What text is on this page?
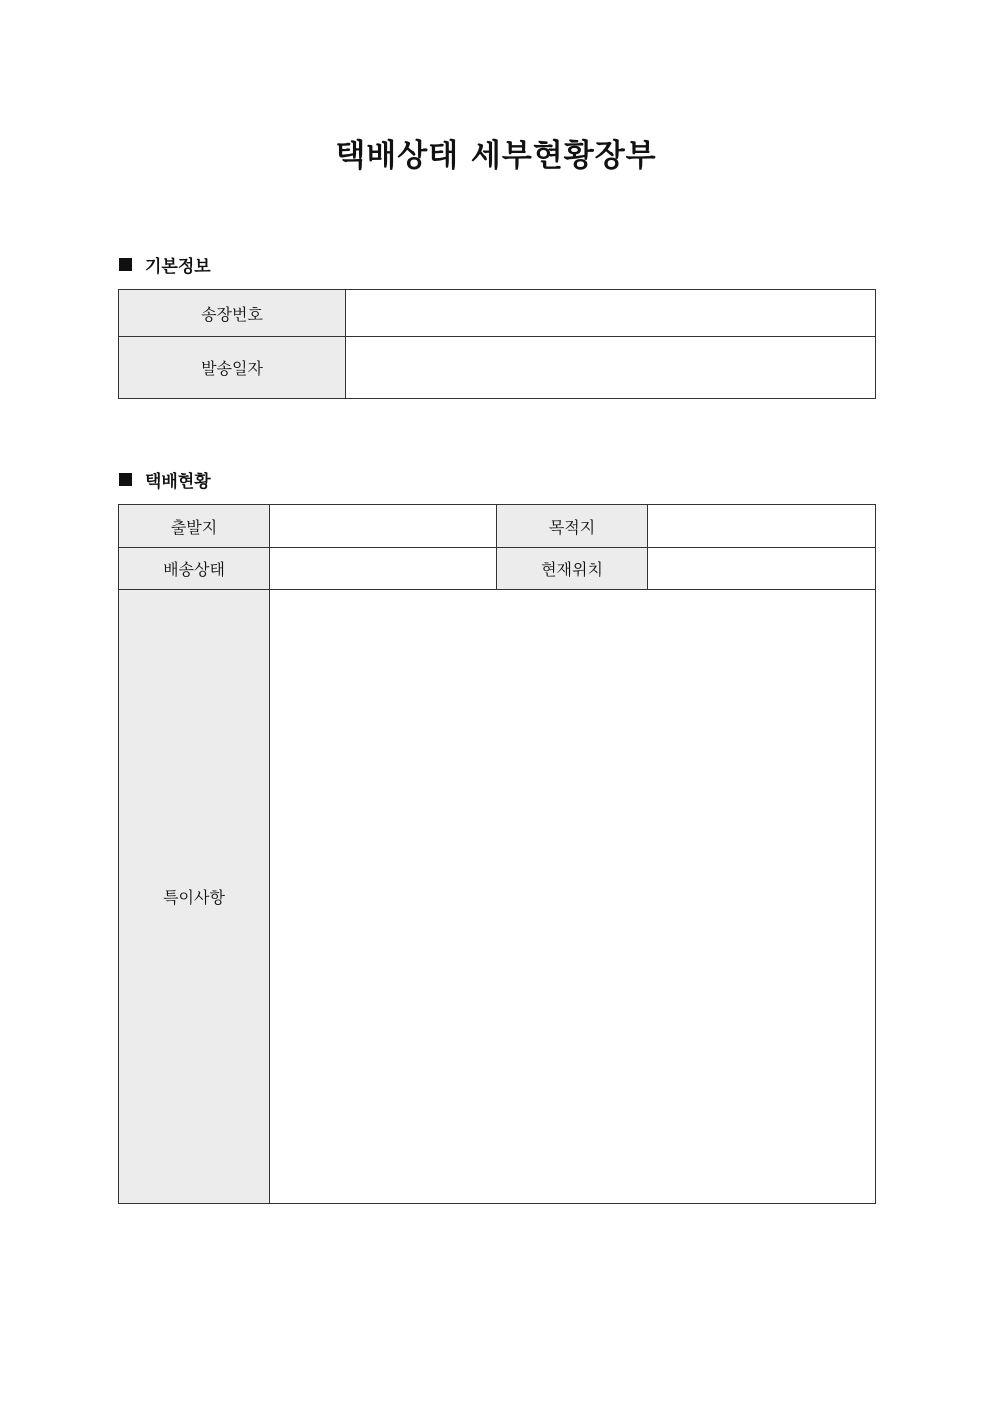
택배상태 세부현황장부
기본정보
송장번호	
발송일자	
택배현황
출발지		목적지	
배송상태		현재위치	
특이사항			
